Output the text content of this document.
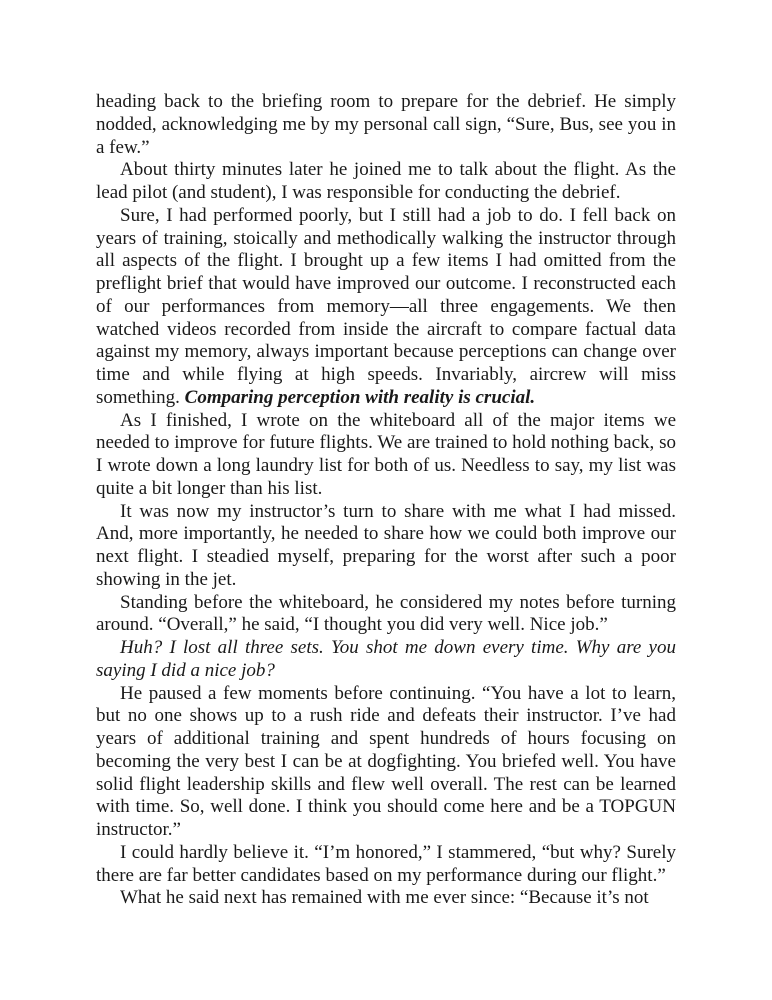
heading back to the briefing room to prepare for the debrief. He simply nodded, acknowledging me by my personal call sign, “Sure, Bus, see you in a few.”

About thirty minutes later he joined me to talk about the flight. As the lead pilot (and student), I was responsible for conducting the debrief.

Sure, I had performed poorly, but I still had a job to do. I fell back on years of training, stoically and methodically walking the instructor through all aspects of the flight. I brought up a few items I had omitted from the preflight brief that would have improved our outcome. I reconstructed each of our performances from memory—all three engagements. We then watched videos recorded from inside the aircraft to compare factual data against my memory, always important because perceptions can change over time and while flying at high speeds. Invariably, aircrew will miss something. Comparing perception with reality is crucial.

As I finished, I wrote on the whiteboard all of the major items we needed to improve for future flights. We are trained to hold nothing back, so I wrote down a long laundry list for both of us. Needless to say, my list was quite a bit longer than his list.

It was now my instructor’s turn to share with me what I had missed. And, more importantly, he needed to share how we could both improve our next flight. I steadied myself, preparing for the worst after such a poor showing in the jet.

Standing before the whiteboard, he considered my notes before turning around. “Overall,” he said, “I thought you did very well. Nice job.”

Huh? I lost all three sets. You shot me down every time. Why are you saying I did a nice job?

He paused a few moments before continuing. “You have a lot to learn, but no one shows up to a rush ride and defeats their instructor. I’ve had years of additional training and spent hundreds of hours focusing on becoming the very best I can be at dogfighting. You briefed well. You have solid flight leadership skills and flew well overall. The rest can be learned with time. So, well done. I think you should come here and be a TOPGUN instructor.”

I could hardly believe it. “I’m honored,” I stammered, “but why? Surely there are far better candidates based on my performance during our flight.”

What he said next has remained with me ever since: “Because it’s not
